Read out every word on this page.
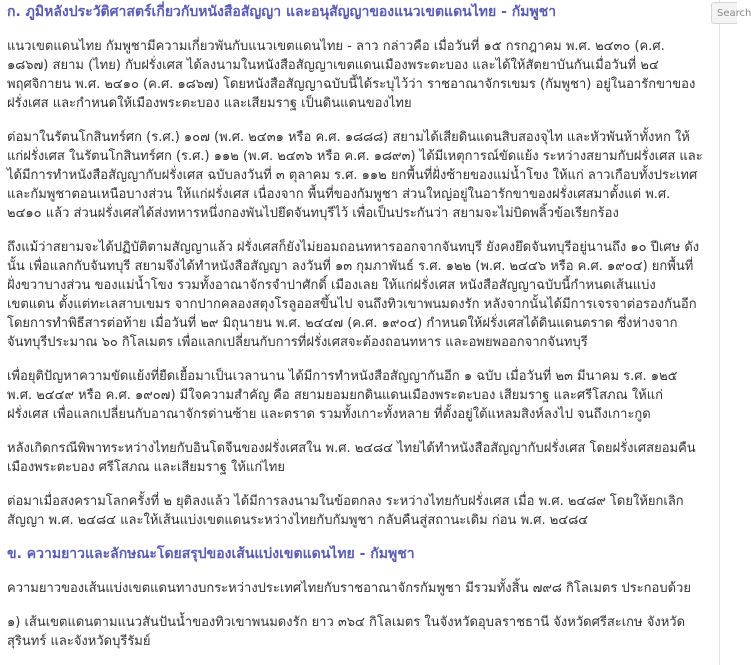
ก. ภูมิหลังประวัติศาสตร์เกี่ยวกับหนังสือสัญญา และอนุสัญญาของแนวเขตแดนไทย - กัมพูชา

แนวเขตแดนไทย กัมพูชามีความเกี่ยวพันกับแนวเขตแดนไทย - ลาว กล่าวคือ เมื่อวันที่ ๑๕ กรกฎาคม พ.ศ. ๒๔๓๐ (ค.ศ. ๑๘๖๗) สยาม (ไทย) กับฝรั่งเศส ได้ลงนามในหนังสือสัญญาเขตแดนเมืองพระตะบอง และได้ให้สัตยาบันกันเมื่อวันที่ ๒๔ พฤศจิกายน พ.ศ. ๒๔๑๐ (ค.ศ. ๑๘๖๗) โดยหนังสือสัญญาฉบับนี้ได้ระบุไว้ว่า ราชอาณาจักรเขมร (กัมพูชา) อยู่ในอารักขาของฝรั่งเศส และกำหนดให้เมืองพระตะบอง และเสียมราฐ เป็นดินแดนของไทย

ต่อมาในรัตนโกสินทร์ศก (ร.ศ.) ๑๐๗ (พ.ศ. ๒๔๓๑ หรือ ค.ศ. ๑๘๘๘) สยามได้เสียดินแดนสิบสองจุไท และหัวพันห้าทั้งหก ให้แก่ฝรั่งเศส ในรัตนโกสินทร์ศก (ร.ศ.) ๑๑๒ (พ.ศ. ๒๔๓๖ หรือ ค.ศ. ๑๘๙๓) ได้มีเหตุการณ์ขัดแย้ง ระหว่างสยามกับฝรั่งเศส และได้มีการทำหนังสือสัญญากับฝรั่งเศส ฉบับลงวันที่ ๓ ตุลาคม ร.ศ. ๑๑๒ ยกพื้นที่ฝั่งซ้ายของแม่น้ำโขง ให้แก่ ลาวเกือบทั้งประเทศ และกัมพูชาตอนเหนือบางส่วน ให้แก่ฝรั่งเศส เนื่องจาก พื้นที่ของกัมพูชา ส่วนใหญ่อยู่ในอารักขาของฝรั่งเศสมาตั้งแต่ พ.ศ. ๒๔๑๐ แล้ว ส่วนฝรั่งเศสได้ส่งทหารหนึ่งกองพันไปยึดจันทบุรีไว้ เพื่อเป็นประกันว่า สยามจะไม่บิดพลิ้วข้อเรียกร้อง

ถึงแม้ว่าสยามจะได้ปฏิบัติตามสัญญาแล้ว ฝรั่งเศสก็ยังไม่ยอมถอนทหารออกจากจันทบุรี ยังคงยึดจันทบุรีอยู่นานถึง ๑๐ ปีเศษ ดังนั้น เพื่อแลกกับจันทบุรี สยามจึงได้ทำหนังสือสัญญา ลงวันที่ ๑๓ กุมภาพันธ์ ร.ศ. ๑๒๒ (พ.ศ. ๒๔๔๖ หรือ ค.ศ. ๑๙๐๔) ยกพื้นที่ฝั่งขวาบางส่วน ของแม่น้ำโขง รวมทั้งอาณาจักรจำปาศักดิ์ เมืองเลย ให้แก่ฝรั่งเศส หนังสือสัญญาฉบับนี้กำหนดเส้นแบ่งเขตแดน ตั้งแต่ทะเลสาบเขมร จากปากคลองสตุงโรลูออสขึ้นไป จนถึงทิวเขาพนมดงรัก หลังจากนั้นได้มีการเจรจาต่อรองกันอีก โดยการทำพิธีสารต่อท้าย เมื่อวันที่ ๒๙ มิถุนายน พ.ศ. ๒๔๔๗ (ค.ศ. ๑๙๐๔) กำหนดให้ฝรั่งเศสได้ดินแดนตราด ซึ่งห่างจากจันทบุรีประมาณ ๖๐ กิโลเมตร เพื่อแลกเปลี่ยนกับการที่ฝรั่งเศสจะต้องถอนทหาร และอพยพออกจากจันทบุรี

เพื่อยุติปัญหาความขัดแย้งที่ยืดเยื้อมาเป็นเวลานาน ได้มีการทำหนังสือสัญญากันอีก ๑ ฉบับ เมื่อวันที่ ๒๓ มีนาคม ร.ศ. ๑๒๕ พ.ศ. ๒๔๔๙ หรือ ค.ศ. ๑๙๐๗) มีใจความสำคัญ คือ สยามยอมยกดินแดนเมืองพระตะบอง เสียมราฐ และศรีโสภณ ให้แก่ฝรั่งเศส เพื่อแลกเปลี่ยนกับอาณาจักรด่านซ้าย และตราด รวมทั้งเกาะทั้งหลาย ที่ตั้งอยู่ใต้แหลมสิงห์ลงไป จนถึงเกาะกูด

หลังเกิดกรณีพิพาทระหว่างไทยกับอินโดจีนของฝรั่งเศสใน พ.ศ. ๒๔๘๔ ไทยได้ทำหนังสือสัญญากับฝรั่งเศส โดยฝรั่งเศสยอมคืนเมืองพระตะบอง ศรีโสภณ และเสียมราฐ ให้แก่ไทย

ต่อมาเมื่อสงครามโลกครั้งที่ ๒ ยุติลงแล้ว ได้มีการลงนามในข้อตกลง ระหว่างไทยกับฝรั่งเศส เมื่อ พ.ศ. ๒๔๘๙ โดยให้ยกเลิกสัญญา พ.ศ. ๒๔๘๔ และให้เส้นแบ่งเขตแดนระหว่างไทยกับกัมพูชา กลับคืนสู่สถานะเดิม ก่อน พ.ศ. ๒๔๘๔

ข. ความยาวและลักษณะโดยสรุปของเส้นแบ่งเขตแดนไทย - กัมพูชา

ความยาวของเส้นแบ่งเขตแดนทางบกระหว่างประเทศไทยกับราชอาณาจักรกัมพูชา มีรวมทั้งสิ้น ๗๙๘ กิโลเมตร ประกอบด้วย

๑) เส้นเขตแดนตามแนวสันปันน้ำของทิวเขาพนมดงรัก ยาว ๓๖๔ กิโลเมตร ในจังหวัดอุบลราชธานี จังหวัดศรีสะเกษ จังหวัดสุรินทร์ และจังหวัดบุรีรัมย์

Search
